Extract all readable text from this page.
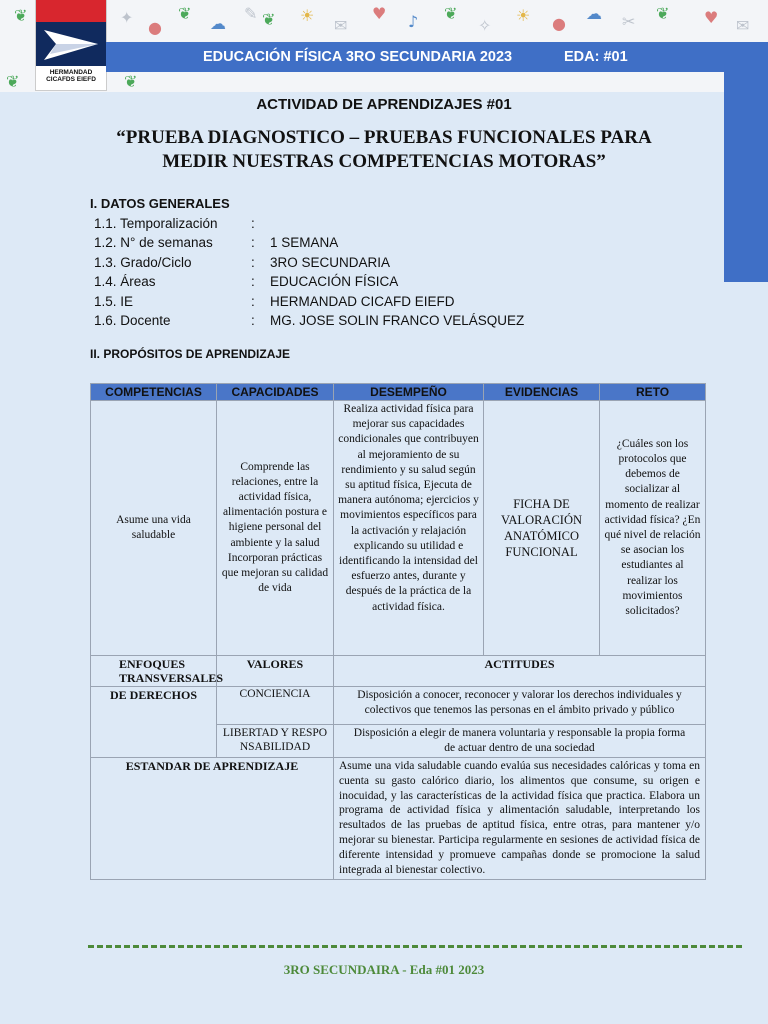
❦	✦
●
❦
☁
✎ ❦ ☀
✉
♥ ♪ ❦
✧
☀ ●
☁ ✂ ❦ ♥ ✉
❦	❦
HERMANDAD
CICAFDS EIEFD
EDUCACIÓN FÍSICA 3RO SECUNDARIA 2023	EDA: #01
ACTIVIDAD DE APRENDIZAJES #01
“PRUEBA DIAGNOSTICO – PRUEBAS FUNCIONALES PARA MEDIR NUESTRAS COMPETENCIAS MOTORAS”
I. DATOS GENERALES
1.1. Temporalización :
1.2. N° de semanas	: 1 SEMANA
1.3. Grado/Ciclo	: 3RO SECUNDARIA
1.4. Áreas	: EDUCACIÓN FÍSICA
1.5. IE	: HERMANDAD CICAFD EIEFD
1.6. Docente	: MG. JOSE SOLIN FRANCO VELÁSQUEZ
II. PROPÓSITOS DE APRENDIZAJE
COMPETENCIAS	CAPACIDADES	DESEMPEÑO	EVIDENCIAS	RETO
Asume una vida saludable	Comprende las relaciones, entre la actividad física, alimentación postura e higiene personal del ambiente y la salud Incorporan prácticas que mejoran su calidad de vida	Realiza actividad física para mejorar sus capacidades condicionales que contribuyen al mejoramiento de su rendimiento y su salud según su aptitud física, Ejecuta de manera autónoma; ejercicios y movimientos específicos para la activación y relajación explicando su utilidad e identificando la intensidad del esfuerzo antes, durante y después de la práctica de la actividad física.	FICHA DE VALORACIÓN ANATÓMICO FUNCIONAL	¿Cuáles son los protocolos que debemos de socializar al momento de realizar actividad física? ¿En qué nivel de relación se asocian los estudiantes al realizar los movimientos solicitados?
ENFOQUES TRANSVERSALES	VALORES	ACTITUDES		
DE DERECHOS	CONCIENCIA	Disposición a conocer, reconocer y valorar los derechos individuales y colectivos que tenemos las personas en el ámbito privado y público		
	LIBERTAD Y RESPONSABILIDAD	Disposición a elegir de manera voluntaria y responsable la propia forma de actuar dentro de una sociedad		
ESTANDAR DE APRENDIZAJE		Asume una vida saludable cuando evalúa sus necesidades calóricas y toma en cuenta su gasto calórico diario, los alimentos que consume, su origen e inocuidad, y las características de la actividad física que practica. Elabora un programa de actividad física y alimentación saludable, interpretando los resultados de las pruebas de aptitud física, entre otras, para mantener y/o mejorar su bienestar. Participa regularmente en sesiones de actividad física de diferente intensidad y promueve campañas donde se promocione la salud integrada al bienestar colectivo.		
3RO SECUNDAIRA - Eda #01 2023
